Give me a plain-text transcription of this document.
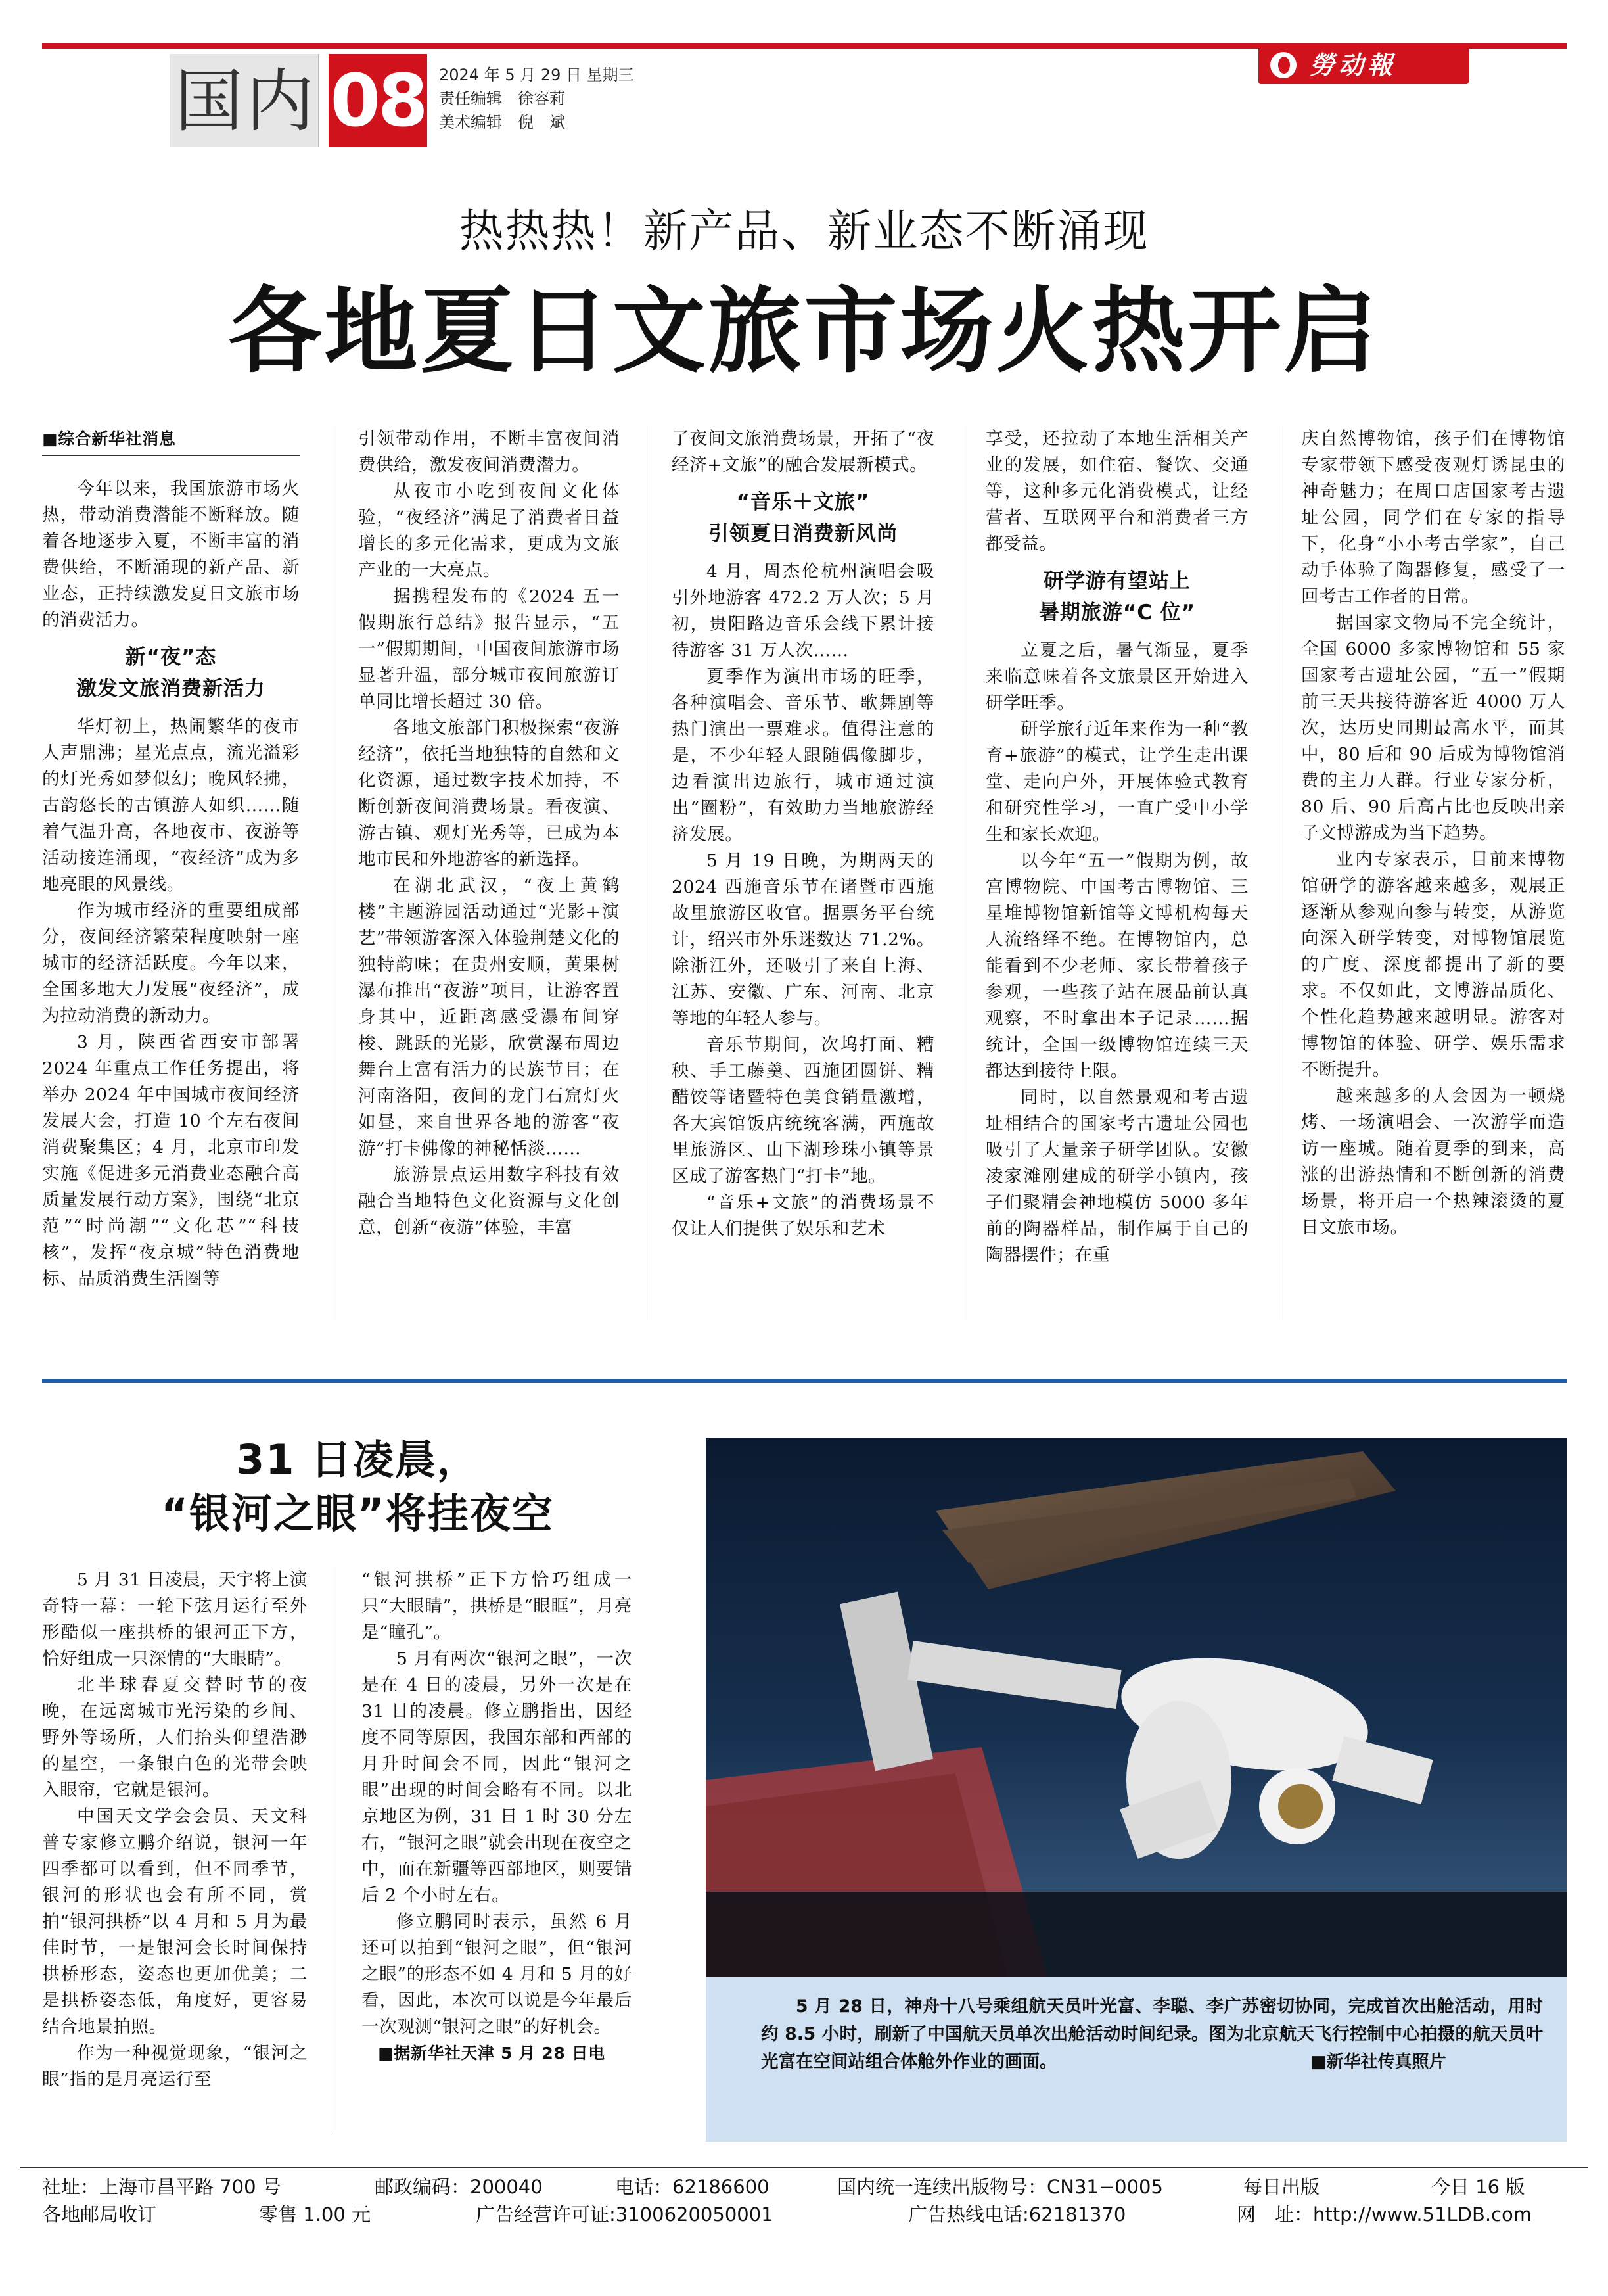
国内 08 2024 年 5 月 29 日 星期三
责任编辑　徐容莉
美术编辑　倪　斌
勞动報
热热热！新产品、新业态不断涌现
各地夏日文旅市场火热开启

■综合新华社消息

今年以来，我国旅游市场火热，带动消费潜能不断释放。随着各地逐步入夏，不断丰富的消费供给，不断涌现的新产品、新业态，正持续激发夏日文旅市场的消费活力。

新“夜”态
激发文旅消费新活力

华灯初上，热闹繁华的夜市人声鼎沸；星光点点，流光溢彩的灯光秀如梦似幻；晚风轻拂，古韵悠长的古镇游人如织……随着气温升高，各地夜市、夜游等活动接连涌现，“夜经济”成为多地亮眼的风景线。

作为城市经济的重要组成部分，夜间经济繁荣程度映射一座城市的经济活跃度。今年以来，全国多地大力发展“夜经济”，成为拉动消费的新动力。

3 月，陕西省西安市部署 2024 年重点工作任务提出，将举办 2024 年中国城市夜间经济发展大会，打造 10 个左右夜间消费聚集区；4 月，北京市印发实施《促进多元消费业态融合高质量发展行动方案》，围绕“北京范”“时尚潮”“文化芯”“科技核”，发挥“夜京城”特色消费地标、品质消费生活圈等

引领带动作用，不断丰富夜间消费供给，激发夜间消费潜力。

从夜市小吃到夜间文化体验，“夜经济”满足了消费者日益增长的多元化需求，更成为文旅产业的一大亮点。

据携程发布的《2024 五一假期旅行总结》报告显示，“五一”假期期间，中国夜间旅游市场显著升温，部分城市夜间旅游订单同比增长超过 30 倍。

各地文旅部门积极探索“夜游经济”，依托当地独特的自然和文化资源，通过数字技术加持，不断创新夜间消费场景。看夜演、游古镇、观灯光秀等，已成为本地市民和外地游客的新选择。

在湖北武汉，“夜上黄鹤楼”主题游园活动通过“光影+演艺”带领游客深入体验荆楚文化的独特韵味；在贵州安顺，黄果树瀑布推出“夜游”项目，让游客置身其中，近距离感受瀑布间穿梭、跳跃的光影，欣赏瀑布周边舞台上富有活力的民族节目；在河南洛阳，夜间的龙门石窟灯火如昼，来自世界各地的游客“夜游”打卡佛像的神秘恬淡……

旅游景点运用数字科技有效融合当地特色文化资源与文化创意，创新“夜游”体验，丰富

了夜间文旅消费场景，开拓了“夜经济+文旅”的融合发展新模式。

“音乐＋文旅”
引领夏日消费新风尚

4 月，周杰伦杭州演唱会吸引外地游客 472.2 万人次；5 月初，贵阳路边音乐会线下累计接待游客 31 万人次……

夏季作为演出市场的旺季，各种演唱会、音乐节、歌舞剧等热门演出一票难求。值得注意的是，不少年轻人跟随偶像脚步，边看演出边旅行，城市通过演出“圈粉”，有效助力当地旅游经济发展。

5 月 19 日晚，为期两天的 2024 西施音乐节在诸暨市西施故里旅游区收官。据票务平台统计，绍兴市外乐迷数达 71.2%。除浙江外，还吸引了来自上海、江苏、安徽、广东、河南、北京等地的年轻人参与。

音乐节期间，次坞打面、糟秧、手工藤羹、西施团圆饼、糟醋饺等诸暨特色美食销量激增，各大宾馆饭店统统客满，西施故里旅游区、山下湖珍珠小镇等景区成了游客热门“打卡”地。

“音乐+文旅”的消费场景不仅让人们提供了娱乐和艺术

享受，还拉动了本地生活相关产业的发展，如住宿、餐饮、交通等，这种多元化消费模式，让经营者、互联网平台和消费者三方都受益。

研学游有望站上
暑期旅游“C 位”

立夏之后，暑气渐显，夏季来临意味着各文旅景区开始进入研学旺季。

研学旅行近年来作为一种“教育+旅游”的模式，让学生走出课堂、走向户外，开展体验式教育和研究性学习，一直广受中小学生和家长欢迎。

以今年“五一”假期为例，故宫博物院、中国考古博物馆、三星堆博物馆新馆等文博机构每天人流络绎不绝。在博物馆内，总能看到不少老师、家长带着孩子参观，一些孩子站在展品前认真观察，不时拿出本子记录……据统计，全国一级博物馆连续三天都达到接待上限。

同时，以自然景观和考古遗址相结合的国家考古遗址公园也吸引了大量亲子研学团队。安徽凌家滩刚建成的研学小镇内，孩子们聚精会神地模仿 5000 多年前的陶器样品，制作属于自己的陶器摆件；在重

庆自然博物馆，孩子们在博物馆专家带领下感受夜观灯诱昆虫的神奇魅力；在周口店国家考古遗址公园，同学们在专家的指导下，化身“小小考古学家”，自己动手体验了陶器修复，感受了一回考古工作者的日常。

据国家文物局不完全统计，全国 6000 多家博物馆和 55 家国家考古遗址公园，“五一”假期前三天共接待游客近 4000 万人次，达历史同期最高水平，而其中，80 后和 90 后成为博物馆消费的主力人群。行业专家分析，80 后、90 后高占比也反映出亲子文博游成为当下趋势。

业内专家表示，目前来博物馆研学的游客越来越多，观展正逐渐从参观向参与转变，从游览向深入研学转变，对博物馆展览的广度、深度都提出了新的要求。不仅如此，文博游品质化、个性化趋势越来越明显。游客对博物馆的体验、研学、娱乐需求不断提升。

越来越多的人会因为一顿烧烤、一场演唱会、一次游学而造访一座城。随着夏季的到来，高涨的出游热情和不断创新的消费场景，将开启一个热辣滚烫的夏日文旅市场。

31 日凌晨，
“银河之眼”将挂夜空

5 月 31 日凌晨，天宇将上演奇特一幕：一轮下弦月运行至外形酷似一座拱桥的银河正下方，恰好组成一只深情的“大眼睛”。

北半球春夏交替时节的夜晚，在远离城市光污染的乡间、野外等场所，人们抬头仰望浩渺的星空，一条银白色的光带会映入眼帘，它就是银河。

中国天文学会会员、天文科普专家修立鹏介绍说，银河一年四季都可以看到，但不同季节，银河的形状也会有所不同，赏拍“银河拱桥”以 4 月和 5 月为最佳时节，一是银河会长时间保持拱桥形态，姿态也更加优美；二是拱桥姿态低，角度好，更容易结合地景拍照。

作为一种视觉现象，“银河之眼”指的是月亮运行至

“银河拱桥”正下方恰巧组成一只“大眼睛”，拱桥是“眼眶”，月亮是“瞳孔”。

5 月有两次“银河之眼”，一次是在 4 日的凌晨，另外一次是在 31 日的凌晨。修立鹏指出，因经度不同等原因，我国东部和西部的月升时间会不同，因此“银河之眼”出现的时间会略有不同。以北京地区为例，31 日 1 时 30 分左右，“银河之眼”就会出现在夜空之中，而在新疆等西部地区，则要错后 2 个小时左右。

修立鹏同时表示，虽然 6 月还可以拍到“银河之眼”，但“银河之眼”的形态不如 4 月和 5 月的好看，因此，本次可以说是今年最后一次观测“银河之眼”的好机会。

■据新华社天津 5 月 28 日电

5 月 28 日，神舟十八号乘组航天员叶光富、李聪、李广苏密切协同，完成首次出舱活动，用时约 8.5 小时，刷新了中国航天员单次出舱活动时间纪录。图为北京航天飞行控制中心拍摄的航天员叶光富在空间站组合体舱外作业的画面。	■新华社传真照片
社址：上海市昌平路 700 号	邮政编码：200040	电话：62186600	国内统一连续出版物号：CN31−0005	每日出版	今日 16 版
各地邮局收订	零售 1.00 元	广告经营许可证:3100620050001	广告热线电话:62181370	网　址：http://www.51LDB.com
